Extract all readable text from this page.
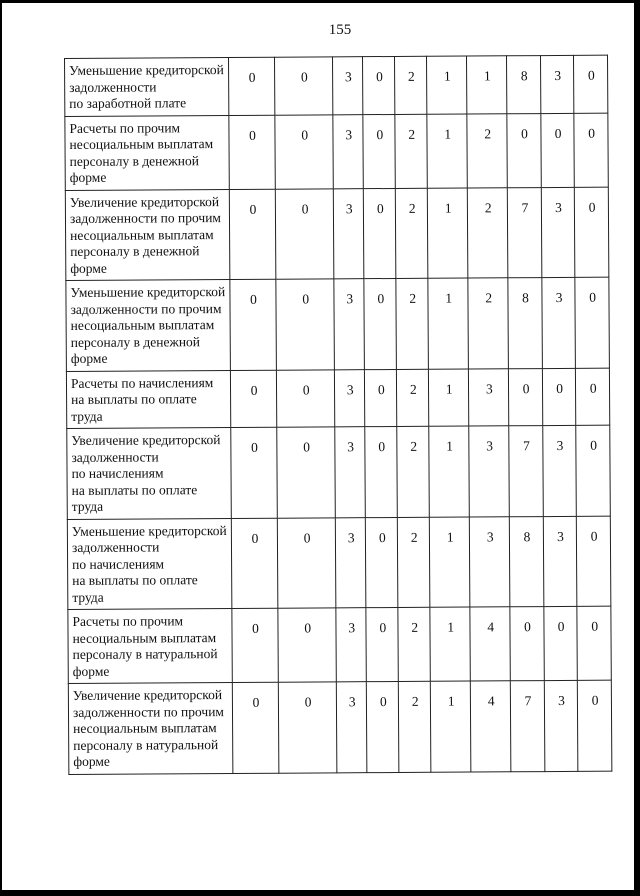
155
Уменьшение кредиторской
задолженности
по заработной плате	0	0	3	0	2	1	1	8	3	0
Расчеты по прочим
несоциальным выплатам
персоналу в денежной
форме	0	0	3	0	2	1	2	0	0	0
Увеличение кредиторской
задолженности по прочим
несоциальным выплатам
персоналу в денежной
форме	0	0	3	0	2	1	2	7	3	0
Уменьшение кредиторской
задолженности по прочим
несоциальным выплатам
персоналу в денежной
форме	0	0	3	0	2	1	2	8	3	0
Расчеты по начислениям
на выплаты по оплате
труда	0	0	3	0	2	1	3	0	0	0
Увеличение кредиторской
задолженности
по начислениям
на выплаты по оплате
труда	0	0	3	0	2	1	3	7	3	0
Уменьшение кредиторской
задолженности
по начислениям
на выплаты по оплате
труда	0	0	3	0	2	1	3	8	3	0
Расчеты по прочим
несоциальным выплатам
персоналу в натуральной
форме	0	0	3	0	2	1	4	0	0	0
Увеличение кредиторской
задолженности по прочим
несоциальным выплатам
персоналу в натуральной
форме	0	0	3	0	2	1	4	7	3	0
